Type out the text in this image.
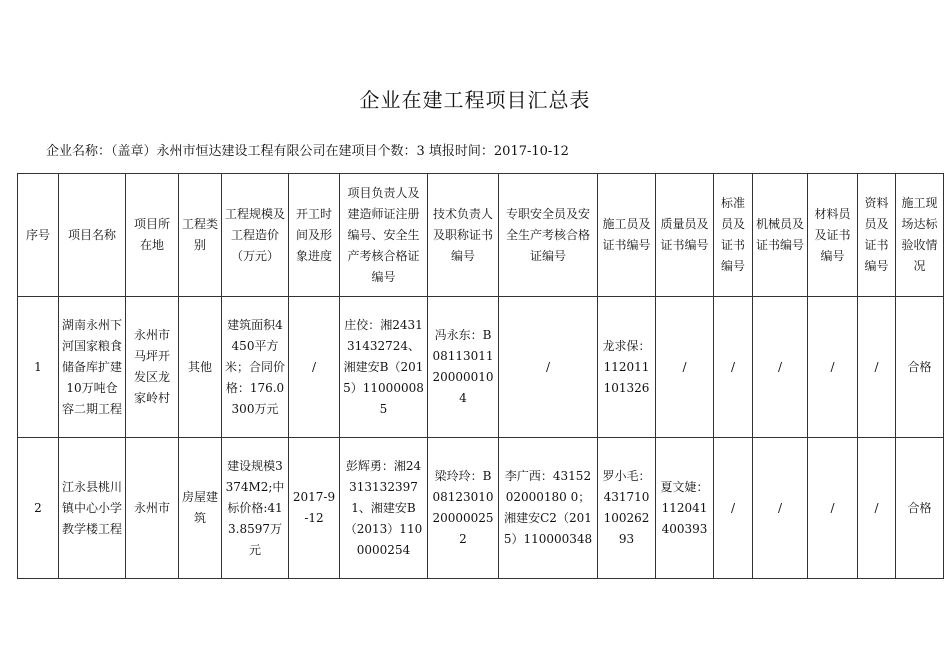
企业在建工程项目汇总表
企业名称：（盖章）永州市恒达建设工程有限公司在建项目个数：3 填报时间：2017-10-12
序号	项目名称	项目所在地	工程类别	工程规模及工程造价（万元）	开工时间及形象进度	项目负责人及建造师证注册编号、安全生产考核合格证编号	技术负责人及职称证书编号	专职安全员及安全生产考核合格证编号	施工员及证书编号	质量员及证书编号	标准员及证书编号	机械员及证书编号	材料员及证书编号	资料员及证书编号	施工现场达标验收情况
1	湖南永州下河国家粮食储备库扩建10万吨仓容二期工程	永州市马坪开发区龙家岭村	其他	建筑面积4450平方米；合同价格：176.0300万元	/	庄佼：湘243131432724、湘建安B（2015）110000085	冯永东：B08113011200000104	/	龙求保：112011101326	/	/	/	/	/	合格
2	江永县桃川镇中心小学教学楼工程	永州市	房屋建筑	建设规模3374M2;中标价格:413.8597万元	2017-9-12	彭辉勇：湘243131323971、湘建安B（2013）1100000254	梁玲玲：B08123010200000252	李广西：4315202000180 0；湘建安C2（2015）110000348	罗小毛：43171010026293	夏文婕：112041400393	/	/	/	/	合格
